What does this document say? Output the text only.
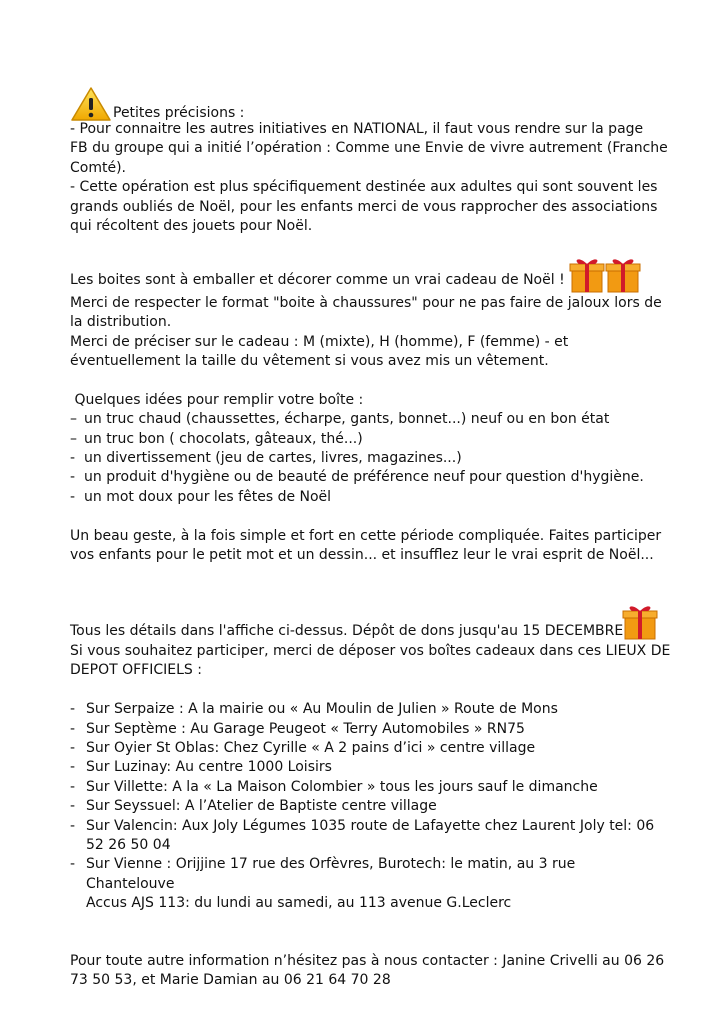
Petites précisions :
- Pour connaitre les autres initiatives en NATIONAL, il faut vous rendre sur la page
FB du groupe qui a initié l’opération : Comme une Envie de vivre autrement (Franche
Comté).
- Cette opération est plus spécifiquement destinée aux adultes qui sont souvent les
grands oubliés de Noël, pour les enfants merci de vous rapprocher des associations
qui récoltent des jouets pour Noël.
Les boites sont à emballer et décorer comme un vrai cadeau de Noël !
Merci de respecter le format "boite à chaussures" pour ne pas faire de jaloux lors de
la distribution.
Merci de préciser sur le cadeau : M (mixte), H (homme), F (femme) - et
éventuellement la taille du vêtement si vous avez mis un vêtement.
Quelques idées pour remplir votre boîte :
– un truc chaud (chaussettes, écharpe, gants, bonnet...) neuf ou en bon état
– un truc bon ( chocolats, gâteaux, thé...)
- un divertissement (jeu de cartes, livres, magazines...)
- un produit d'hygiène ou de beauté de préférence neuf pour question d'hygiène.
- un mot doux pour les fêtes de Noël
Un beau geste, à la fois simple et fort en cette période compliquée. Faites participer
vos enfants pour le petit mot et un dessin... et insufflez leur le vrai esprit de Noël...
Tous les détails dans l'affiche ci-dessus. Dépôt de dons jusqu'au 15 DECEMBRE
Si vous souhaitez participer, merci de déposer vos boîtes cadeaux dans ces LIEUX DE
DEPOT OFFICIELS :
- Sur Serpaize : A la mairie ou « Au Moulin de Julien » Route de Mons
- Sur Septème : Au Garage Peugeot « Terry Automobiles » RN75
- Sur Oyier St Oblas: Chez Cyrille « A 2 pains d’ici » centre village
- Sur Luzinay: Au centre 1000 Loisirs
- Sur Villette: A la « La Maison Colombier » tous les jours sauf le dimanche
- Sur Seyssuel: A l’Atelier de Baptiste centre village
- Sur Valencin: Aux Joly Légumes 1035 route de Lafayette chez Laurent Joly tel: 06
52 26 50 04
- Sur Vienne : Orijjine 17 rue des Orfèvres, Burotech: le matin, au 3 rue Chantelouve
Accus AJS 113: du lundi au samedi, au 113 avenue G.Leclerc
Pour toute autre information n’hésitez pas à nous contacter : Janine Crivelli au 06 26
73 50 53, et Marie Damian au 06 21 64 70 28
